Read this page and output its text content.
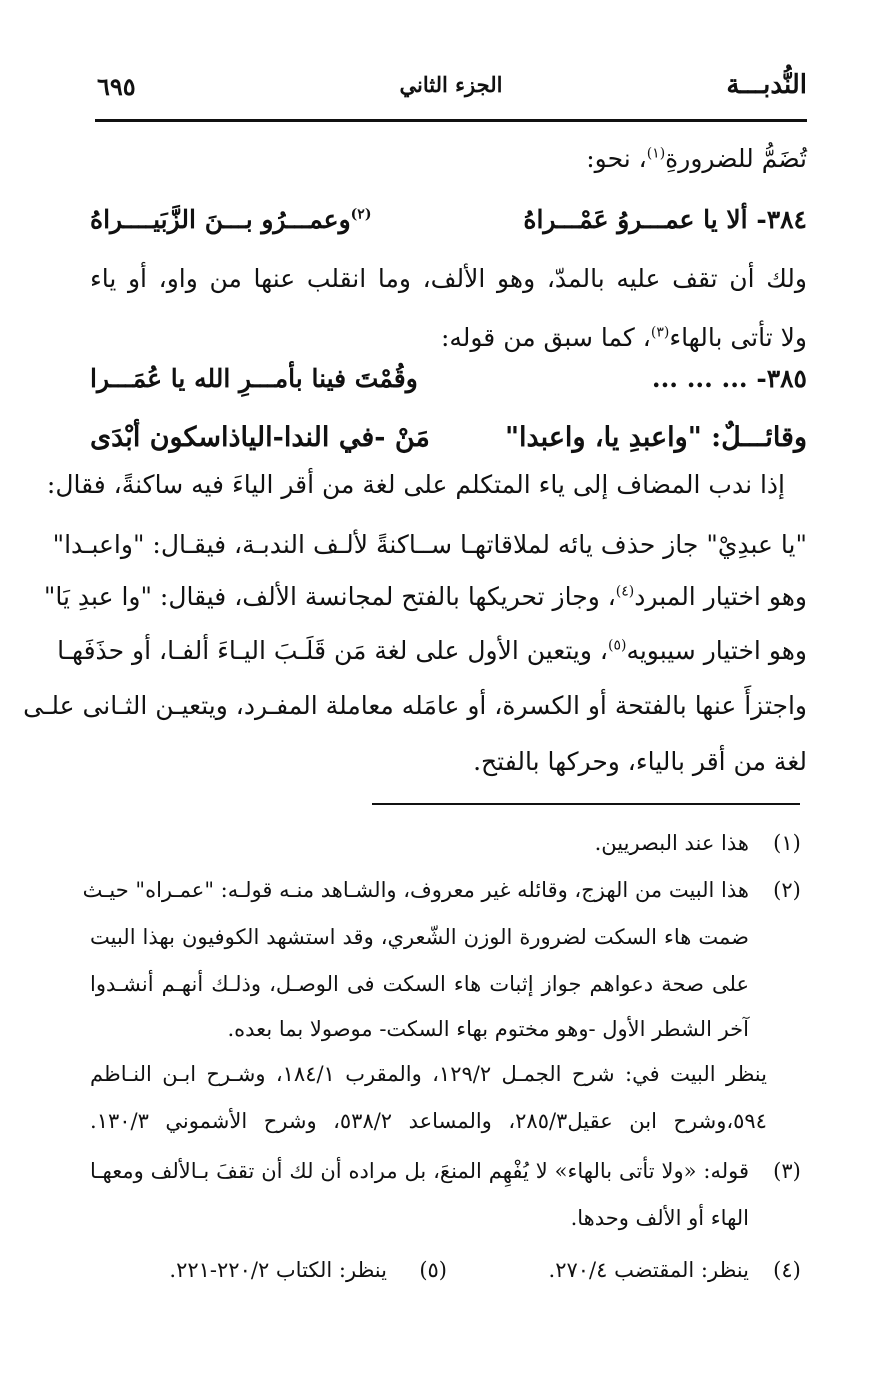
النُّدبـــة
الجزء الثاني
٦٩٥
تُضَمُّ للضرورةِ$^{(١)}$، نحو:
٣٨٤- ألا يا عمـــروُ عَمْـــراهُ
$^{(٢)}$وعمـــرُو بـــنَ الزَّبَيــــراهُ
ولك أن تقف عليه بالمدّ، وهو الألف، وما انقلب عنها من واو، أو ياء
ولا تأتى بالهاء$^{(٣)}$، كما سبق من قوله:
٣٨٥- ... ... ...
وقُمْتَ فينا بأمـــرِ الله يا عُمَـــرا
وقائـــلٌ: "واعبدِ يا، واعبدا"
مَنْ -في الندا-الياذاسكون أبْدَى
إذا ندب المضاف إلى ياء المتكلم على لغة من أقر الياءَ فيه ساكنةً، فقال:
"يا عبدِيْ" جاز حذف يائه لملاقاتهـا ســاكنةً لألـف الندبـة، فيقـال: "واعبـدا"
وهو اختيار المبرد$^{(٤)}$، وجاز تحريكها بالفتح لمجانسة الألف، فيقال: "وا عبدِ يَا"
وهو اختيار سيبويه$^{(٥)}$، ويتعين الأول على لغة مَن قَلَـبَ اليـاءَ ألفـا، أو حذَفَهـا
واجتزأَ عنها بالفتحة أو الكسرة، أو عامَله معاملة المفـرد، ويتعيـن الثـانى علـى
لغة من أقر بالياء، وحركها بالفتح.
(١)
هذا عند البصريين.
(٢)
هذا البيت من الهزج، وقائله غير معروف، والشـاهد منـه قولـه: "عمـراه" حيـث
ضمت هاء السكت لضرورة الوزن الشّعري، وقد استشهد الكوفيون بهذا البيت
على صحة دعواهم جواز إثبات هاء السكت فى الوصـل، وذلـك أنهـم أنشـدوا
آخر الشطر الأول -وهو مختوم بهاء السكت- موصولا بما بعده.
ينظر البيت في: شرح الجمـل ١٢٩/٢، والمقرب ١٨٤/١، وشـرح ابـن النـاظم
٥٩٤،وشرح ابن عقيل٢٨٥/٣، والمساعد ٥٣٨/٢، وشرح الأشموني ١٣٠/٣.
(٣)
قوله: «ولا تأتى بالهاء» لا يُفْهِم المنعَ، بل مراده أن لك أن تقفَ بـالألف ومعهـا
الهاء أو الألف وحدها.
(٤)
ينظر: المقتضب ٢٧٠/٤.
(٥)
ينظر: الكتاب ٢٢٠/٢-٢٢١.
